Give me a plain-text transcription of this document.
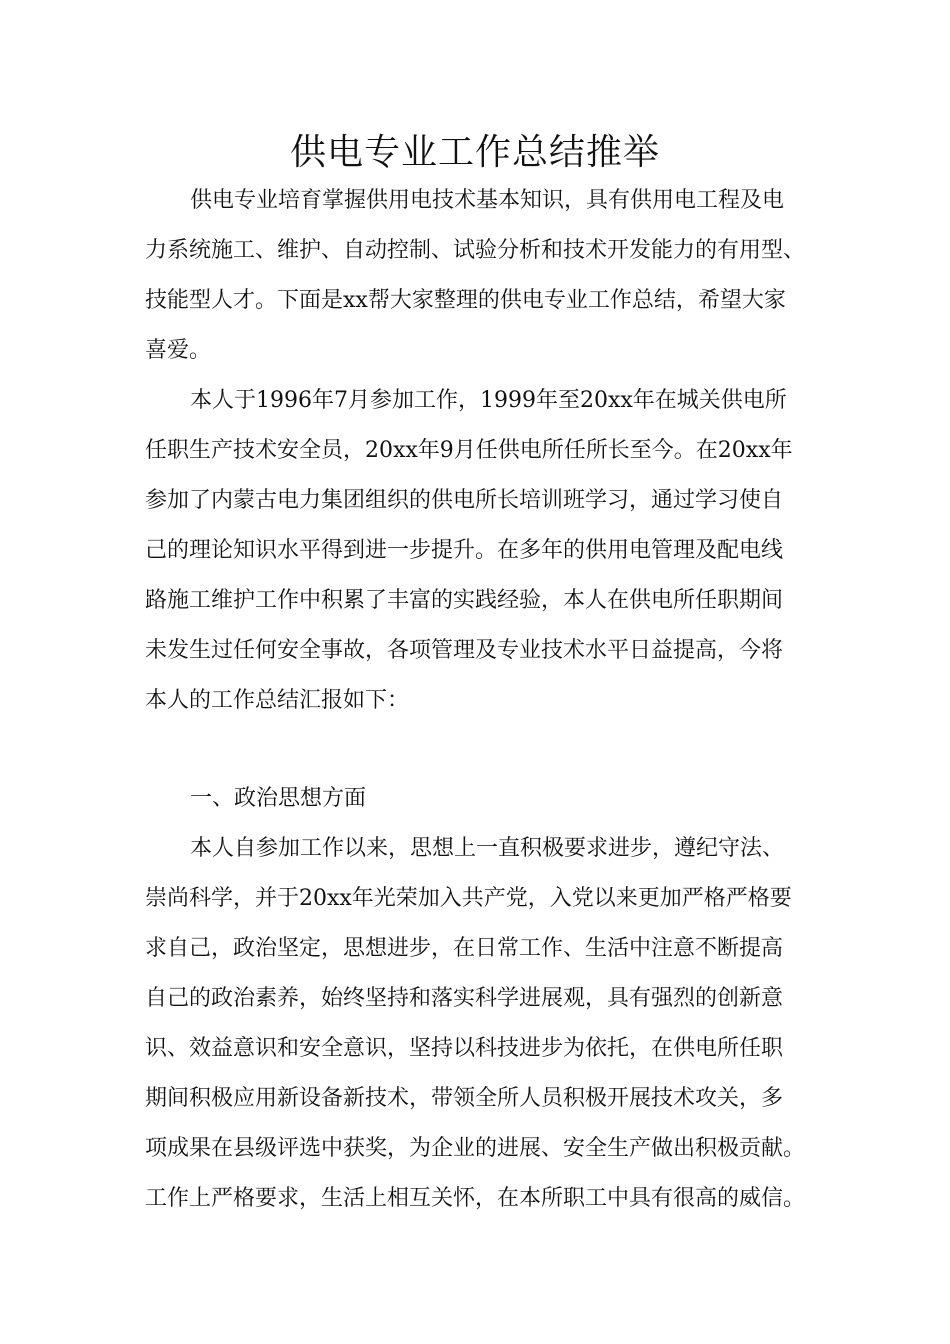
供电专业工作总结推举
供电专业培育掌握供用电技术基本知识，具有供用电工程及电
力系统施工、维护、自动控制、试验分析和技术开发能力的有用型、
技能型人才。下面是xx帮大家整理的供电专业工作总结，希望大家
喜爱。
本人于1996年7月参加工作，1999年至20xx年在城关供电所
任职生产技术安全员，20xx年9月任供电所任所长至今。在20xx年
参加了内蒙古电力集团组织的供电所长培训班学习，通过学习使自
己的理论知识水平得到进一步提升。在多年的供用电管理及配电线
路施工维护工作中积累了丰富的实践经验，本人在供电所任职期间
未发生过任何安全事故，各项管理及专业技术水平日益提高，今将
本人的工作总结汇报如下：
一、政治思想方面
本人自参加工作以来，思想上一直积极要求进步，遵纪守法、
崇尚科学，并于20xx年光荣加入共产党，入党以来更加严格严格要
求自己，政治坚定，思想进步，在日常工作、生活中注意不断提高
自己的政治素养，始终坚持和落实科学进展观，具有强烈的创新意
识、效益意识和安全意识，坚持以科技进步为依托，在供电所任职
期间积极应用新设备新技术，带领全所人员积极开展技术攻关，多
项成果在县级评选中获奖，为企业的进展、安全生产做出积极贡献。
工作上严格要求，生活上相互关怀，在本所职工中具有很高的威信。
